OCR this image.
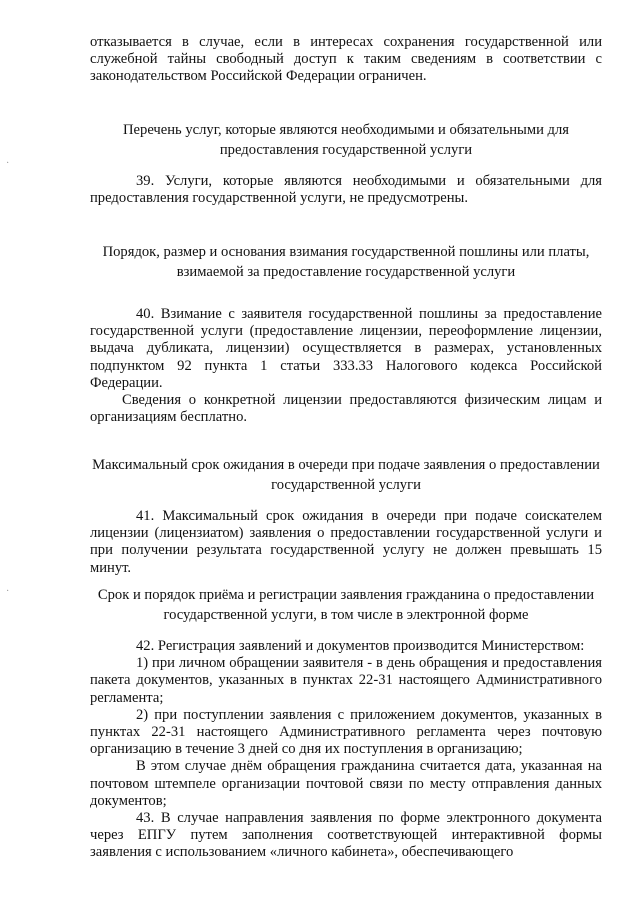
отказывается в случае, если в интересах сохранения государственной или служебной тайны свободный доступ к таким сведениям в соответствии с законодательством Российской Федерации ограничен.

Перечень услуг, которые являются необходимыми и обязательными для предоставления государственной услуги

39. Услуги, которые являются необходимыми и обязательными для предоставления государственной услуги, не предусмотрены.

Порядок, размер и основания взимания государственной пошлины или платы, взимаемой за предоставление государственной услуги

40. Взимание с заявителя государственной пошлины за предоставление государственной услуги (предоставление лицензии, переоформление лицензии, выдача дубликата, лицензии) осуществляется в размерах, установленных подпунктом 92 пункта 1 статьи 333.33 Налогового кодекса Российской Федерации.

Сведения о конкретной лицензии предоставляются физическим лицам и организациям бесплатно.

Максимальный срок ожидания в очереди при подаче заявления о предоставлении государственной услуги

41. Максимальный срок ожидания в очереди при подаче соискателем лицензии (лицензиатом) заявления о предоставлении государственной услуги и при получении результата государственной услугу не должен превышать 15 минут.

Срок и порядок приёма и регистрации заявления гражданина о предоставлении государственной услуги, в том числе в электронной форме

42. Регистрация заявлений и документов производится Министерством:

1) при личном обращении заявителя - в день обращения и предоставления пакета документов, указанных в пунктах 22-31 настоящего Административного регламента;

2) при поступлении заявления с приложением документов, указанных в пунктах 22-31 настоящего Административного регламента через почтовую организацию в течение 3 дней со дня их поступления в организацию;

В этом случае днём обращения гражданина считается дата, указанная на почтовом штемпеле организации почтовой связи по месту отправления данных документов;

43. В случае направления заявления по форме электронного документа через ЕПГУ путем заполнения соответствующей интерактивной формы заявления с использованием «личного кабинета», обеспечивающего

·
·
